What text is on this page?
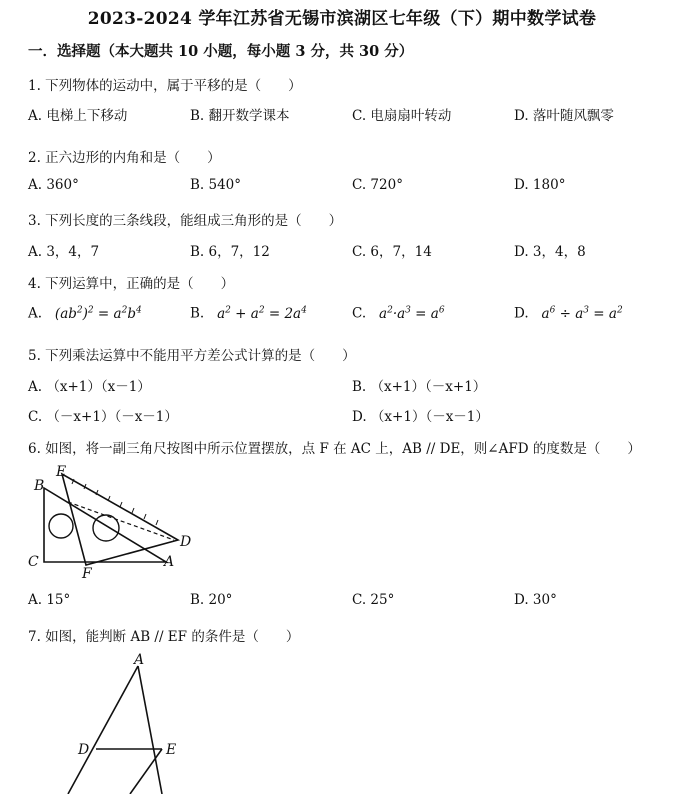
2023-2024 学年江苏省无锡市滨湖区七年级（下）期中数学试卷
一．选择题（本大题共 10 小题，每小题 3 分，共 30 分）
1. 下列物体的运动中，属于平移的是（　　）
A. 电梯上下移动	B. 翻开数学课本	C. 电扇扇叶转动	D. 落叶随风飘零
2. 正六边形的内角和是（　　）
A. 360°	B. 540°	C. 720°	D. 180°
3. 下列长度的三条线段，能组成三角形的是（　　）
A. 3，4，7	B. 6，7，12	C. 6，7，14	D. 3，4，8
4. 下列运算中，正确的是（　　）
A.   $(ab^2)^2 = a^2b^4$	B.   $a^2 + a^2 = 2a^4$	C.   $a^2\cdot a^3 = a^6$	D.   $a^6 \div a^3 = a^2$
5. 下列乘法运算中不能用平方差公式计算的是（　　）
A. （x+1）（x－1）	B. （x+1）（－x+1）
C. （－x+1）（－x－1）	D. （x+1）（－x－1）
6. 如图，将一副三角尺按图中所示位置摆放，点 F 在 AC 上，AB // DE，则∠AFD 的度数是（　　）
E
B
D
C
F
A
A. 15°	B. 20°	C. 25°	D. 30°
7. 如图，能判断 AB // EF 的条件是（　　）
A
D	E
